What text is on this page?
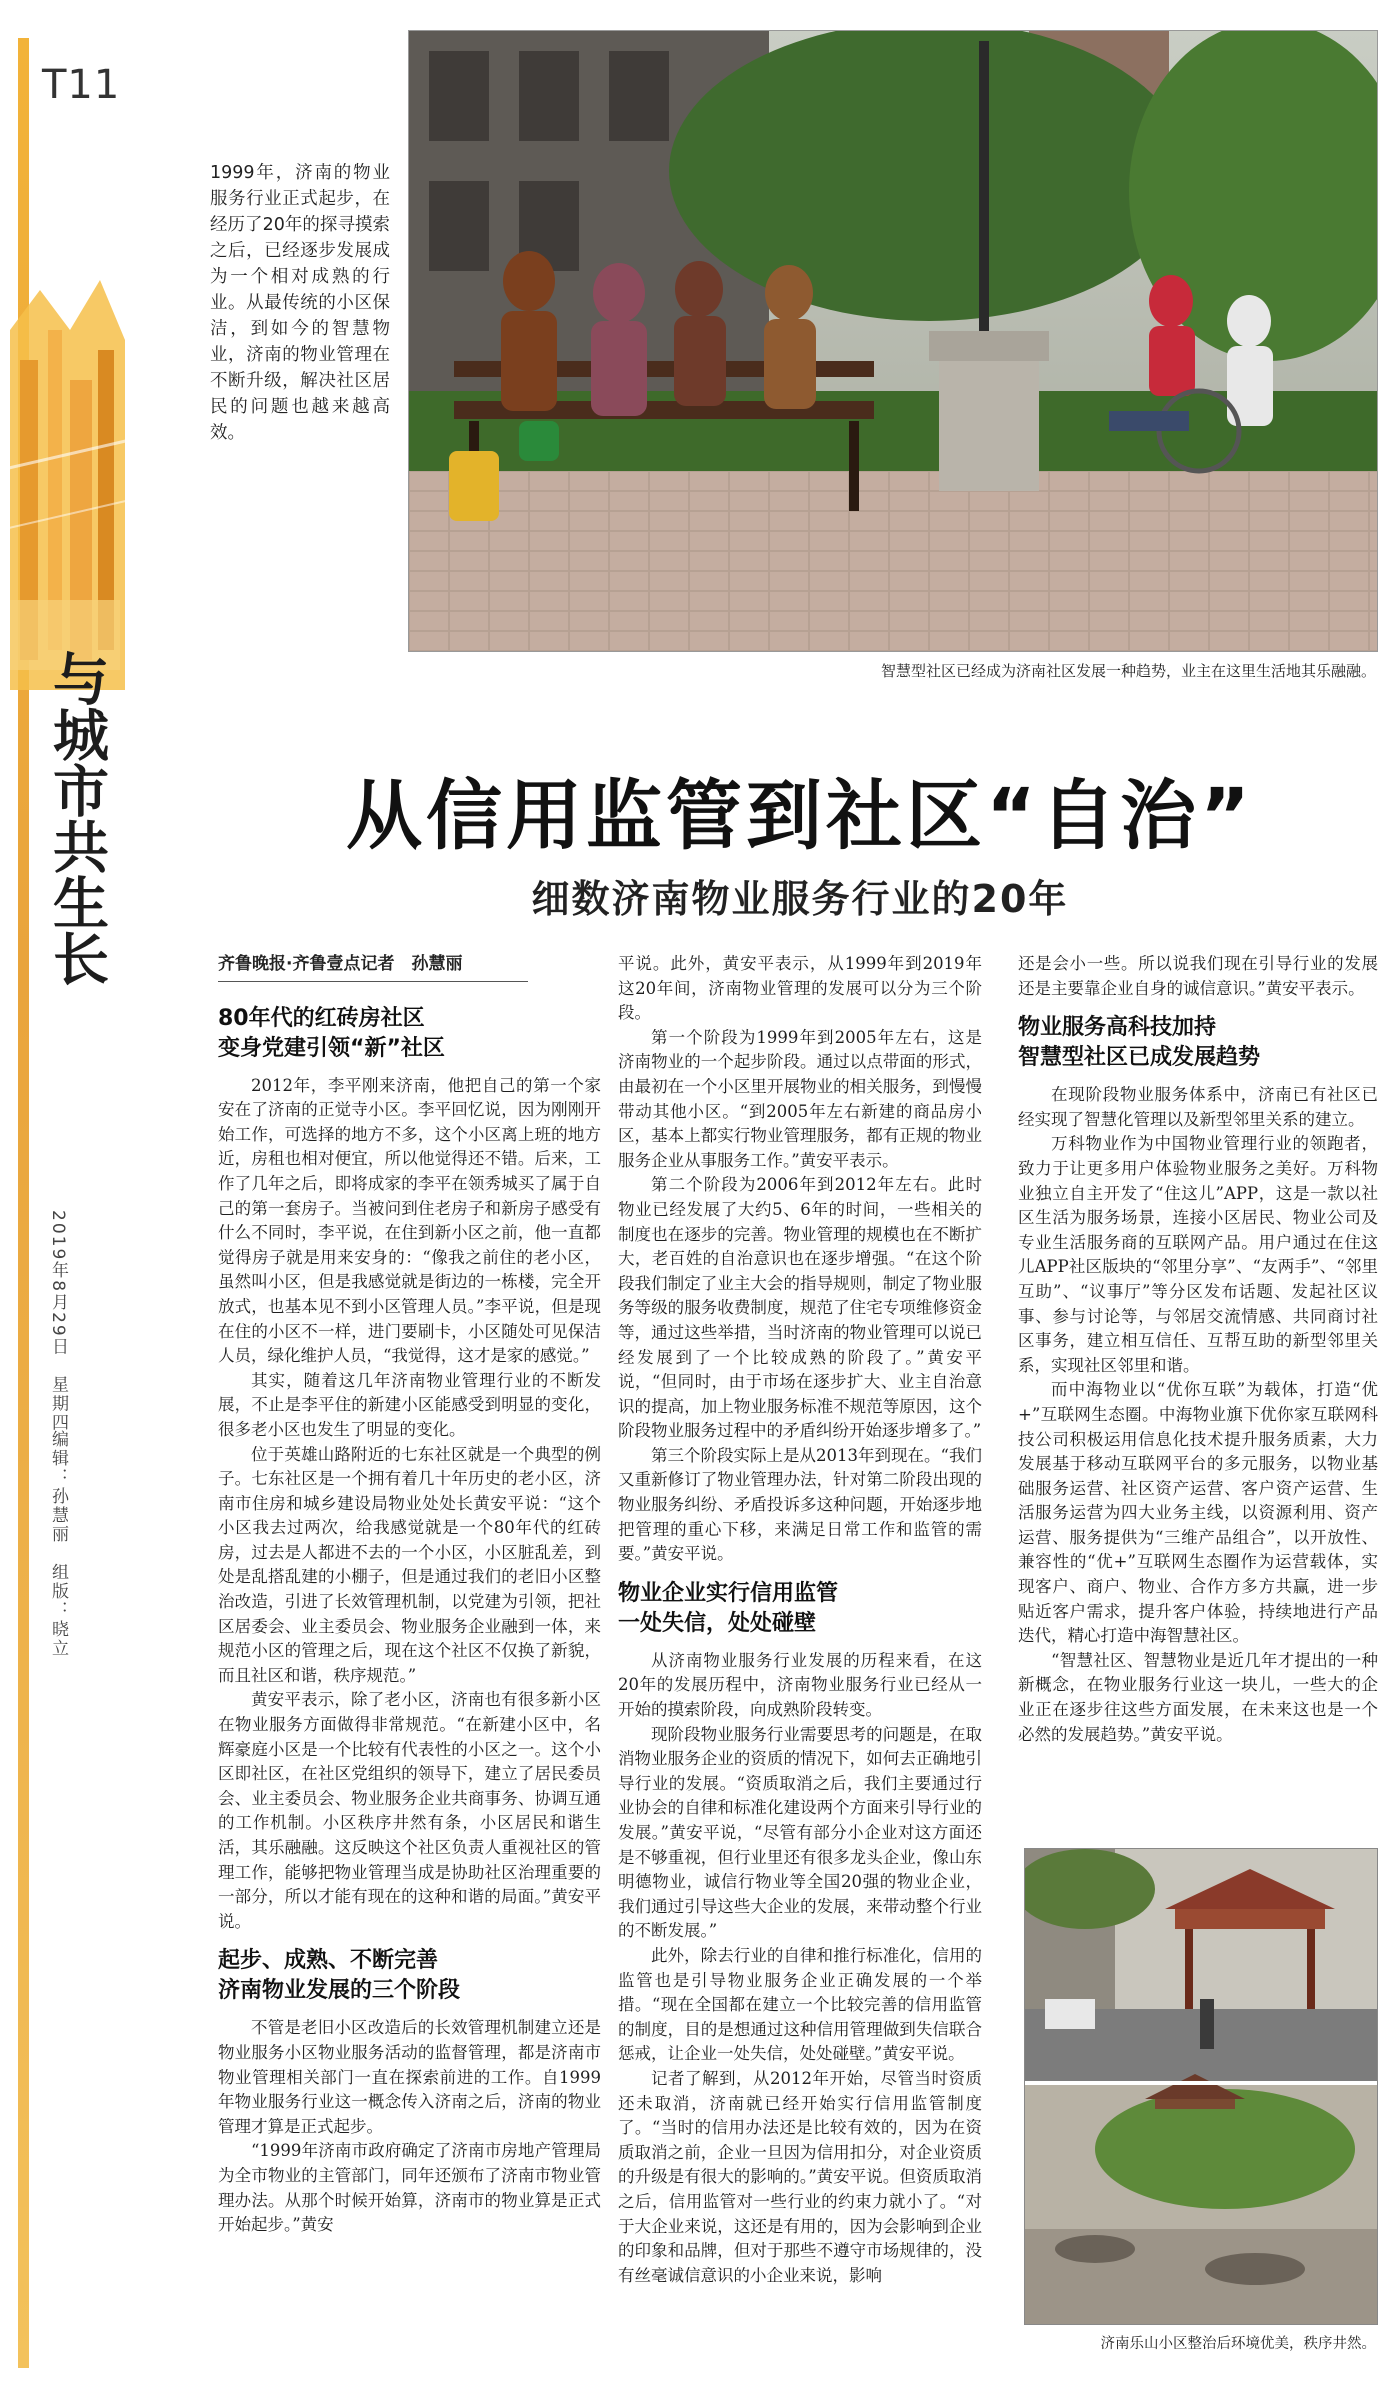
T11
与城市共生长
2019年8月29日　星期四
编辑：孙慧丽　组版：晓立
1999年，济南的物业服务行业正式起步，在经历了20年的探寻摸索之后，已经逐步发展成为一个相对成熟的行业。从最传统的小区保洁，到如今的智慧物业，济南的物业管理在不断升级，解决社区居民的问题也越来越高效。
智慧型社区已经成为济南社区发展一种趋势，业主在这里生活地其乐融融。
从信用监管到社区“自治”
细数济南物业服务行业的20年
齐鲁晚报·齐鲁壹点记者　孙慧丽
80年代的红砖房社区
变身党建引领“新”社区

2012年，李平刚来济南，他把自己的第一个家安在了济南的正觉寺小区。李平回忆说，因为刚刚开始工作，可选择的地方不多，这个小区离上班的地方近，房租也相对便宜，所以他觉得还不错。后来，工作了几年之后，即将成家的李平在领秀城买了属于自己的第一套房子。当被问到住老房子和新房子感受有什么不同时，李平说，在住到新小区之前，他一直都觉得房子就是用来安身的：“像我之前住的老小区，虽然叫小区，但是我感觉就是街边的一栋楼，完全开放式，也基本见不到小区管理人员。”李平说，但是现在住的小区不一样，进门要刷卡，小区随处可见保洁人员，绿化维护人员，“我觉得，这才是家的感觉。”

其实，随着这几年济南物业管理行业的不断发展，不止是李平住的新建小区能感受到明显的变化，很多老小区也发生了明显的变化。

位于英雄山路附近的七东社区就是一个典型的例子。七东社区是一个拥有着几十年历史的老小区，济南市住房和城乡建设局物业处处长黄安平说：“这个小区我去过两次，给我感觉就是一个80年代的红砖房，过去是人都进不去的一个小区，小区脏乱差，到处是乱搭乱建的小棚子，但是通过我们的老旧小区整治改造，引进了长效管理机制，以党建为引领，把社区居委会、业主委员会、物业服务企业融到一体，来规范小区的管理之后，现在这个社区不仅换了新貌，而且社区和谐，秩序规范。”

黄安平表示，除了老小区，济南也有很多新小区在物业服务方面做得非常规范。“在新建小区中，名辉豪庭小区是一个比较有代表性的小区之一。这个小区即社区，在社区党组织的领导下，建立了居民委员会、业主委员会、物业服务企业共商事务、协调互通的工作机制。小区秩序井然有条，小区居民和谐生活，其乐融融。这反映这个社区负责人重视社区的管理工作，能够把物业管理当成是协助社区治理重要的一部分，所以才能有现在的这种和谐的局面。”黄安平说。

起步、成熟、不断完善
济南物业发展的三个阶段

不管是老旧小区改造后的长效管理机制建立还是物业服务小区物业服务活动的监督管理，都是济南市物业管理相关部门一直在探索前进的工作。自1999年物业服务行业这一概念传入济南之后，济南的物业管理才算是正式起步。

“1999年济南市政府确定了济南市房地产管理局为全市物业的主管部门，同年还颁布了济南市物业管理办法。从那个时候开始算，济南市的物业算是正式开始起步。”黄安

平说。此外，黄安平表示，从1999年到2019年这20年间，济南物业管理的发展可以分为三个阶段。

第一个阶段为1999年到2005年左右，这是济南物业的一个起步阶段。通过以点带面的形式，由最初在一个小区里开展物业的相关服务，到慢慢带动其他小区。“到2005年左右新建的商品房小区，基本上都实行物业管理服务，都有正规的物业服务企业从事服务工作。”黄安平表示。

第二个阶段为2006年到2012年左右。此时物业已经发展了大约5、6年的时间，一些相关的制度也在逐步的完善。物业管理的规模也在不断扩大，老百姓的自治意识也在逐步增强。“在这个阶段我们制定了业主大会的指导规则，制定了物业服务等级的服务收费制度，规范了住宅专项维修资金等，通过这些举措，当时济南的物业管理可以说已经发展到了一个比较成熟的阶段了。”黄安平说，“但同时，由于市场在逐步扩大、业主自治意识的提高，加上物业服务标准不规范等原因，这个阶段物业服务过程中的矛盾纠纷开始逐步增多了。”

第三个阶段实际上是从2013年到现在。“我们又重新修订了物业管理办法，针对第二阶段出现的物业服务纠纷、矛盾投诉多这种问题，开始逐步地把管理的重心下移，来满足日常工作和监管的需要。”黄安平说。

物业企业实行信用监管
一处失信，处处碰壁

从济南物业服务行业发展的历程来看，在这20年的发展历程中，济南物业服务行业已经从一开始的摸索阶段，向成熟阶段转变。

现阶段物业服务行业需要思考的问题是，在取消物业服务企业的资质的情况下，如何去正确地引导行业的发展。“资质取消之后，我们主要通过行业协会的自律和标准化建设两个方面来引导行业的发展。”黄安平说，“尽管有部分小企业对这方面还是不够重视，但行业里还有很多龙头企业，像山东明德物业，诚信行物业等全国20强的物业企业，我们通过引导这些大企业的发展，来带动整个行业的不断发展。”

此外，除去行业的自律和推行标准化，信用的监管也是引导物业服务企业正确发展的一个举措。“现在全国都在建立一个比较完善的信用监管的制度，目的是想通过这种信用管理做到失信联合惩戒，让企业一处失信，处处碰壁。”黄安平说。

记者了解到，从2012年开始，尽管当时资质还未取消，济南就已经开始实行信用监管制度了。“当时的信用办法还是比较有效的，因为在资质取消之前，企业一旦因为信用扣分，对企业资质的升级是有很大的影响的。”黄安平说。但资质取消之后，信用监管对一些行业的约束力就小了。“对于大企业来说，这还是有用的，因为会影响到企业的印象和品牌，但对于那些不遵守市场规律的，没有丝毫诚信意识的小企业来说，影响

还是会小一些。所以说我们现在引导行业的发展还是主要靠企业自身的诚信意识。”黄安平表示。

物业服务高科技加持
智慧型社区已成发展趋势

在现阶段物业服务体系中，济南已有社区已经实现了智慧化管理以及新型邻里关系的建立。

万科物业作为中国物业管理行业的领跑者，致力于让更多用户体验物业服务之美好。万科物业独立自主开发了“住这儿”APP，这是一款以社区生活为服务场景，连接小区居民、物业公司及专业生活服务商的互联网产品。用户通过在住这儿APP社区版块的“邻里分享”、“友两手”、“邻里互助”、“议事厅”等分区发布话题、发起社区议事、参与讨论等，与邻居交流情感、共同商讨社区事务，建立相互信任、互帮互助的新型邻里关系，实现社区邻里和谐。

而中海物业以“优你互联”为载体，打造“优+”互联网生态圈。中海物业旗下优你家互联网科技公司积极运用信息化技术提升服务质素，大力发展基于移动互联网平台的多元服务，以物业基础服务运营、社区资产运营、客户资产运营、生活服务运营为四大业务主线，以资源利用、资产运营、服务提供为“三维产品组合”，以开放性、兼容性的“优+”互联网生态圈作为运营载体，实现客户、商户、物业、合作方多方共赢，进一步贴近客户需求，提升客户体验，持续地进行产品迭代，精心打造中海智慧社区。

“智慧社区、智慧物业是近几年才提出的一种新概念，在物业服务行业这一块儿，一些大的企业正在逐步往这些方面发展，在未来这也是一个必然的发展趋势。”黄安平说。

济南乐山小区整治后环境优美，秩序井然。
